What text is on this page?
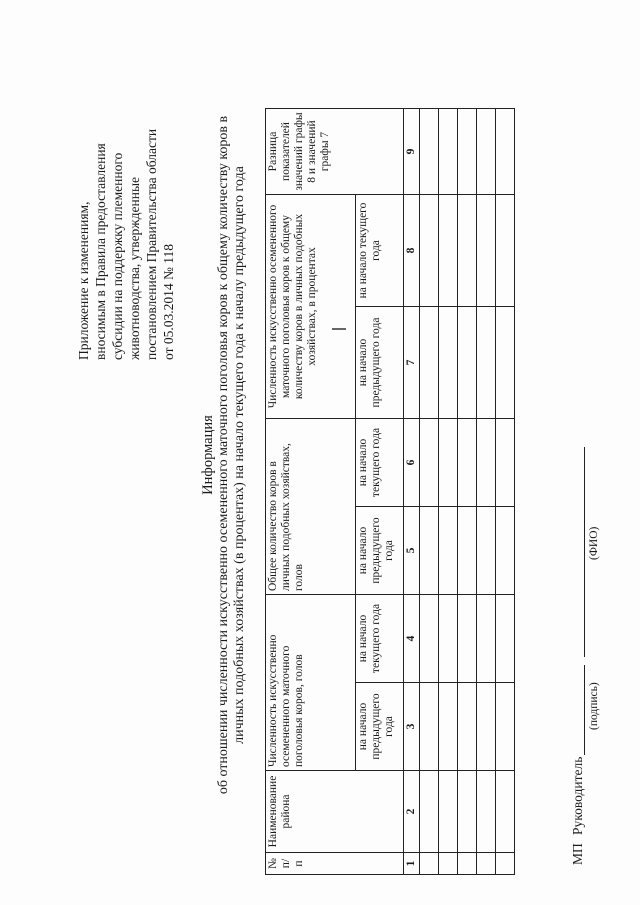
Приложение к изменениям, вносимым в Правила предоставления субсидии на поддержку племенного животноводства, утвержденные постановлением Правительства области от 05.03.2014 № 118
Информация об отношении численности искусственно осемененного маточного поголовья коров к общему количеству коров в личных подобных хозяйствах (в процентах) на начало текущего года к началу предыдущего года
№ п/п	Наименование района	Численность искусственно осемененного маточного поголовья коров, голов		Общее количество коров в личных подобных хозяйствах, голов		Численность искусственно осемененного маточного поголовья коров к общему количеству коров в личных подобных хозяйствах, в процентах		Разница показателей значений графы 8 и значений графы 7
		на начало предыдущего года	на начало текущего года	на начало предыдущего года	на начало текущего года	на начало предыдущего года	на начало текущего года	
1	2	3	4	5	6	7	8	9

МП
Руководитель
(подпись)
(ФИО)
